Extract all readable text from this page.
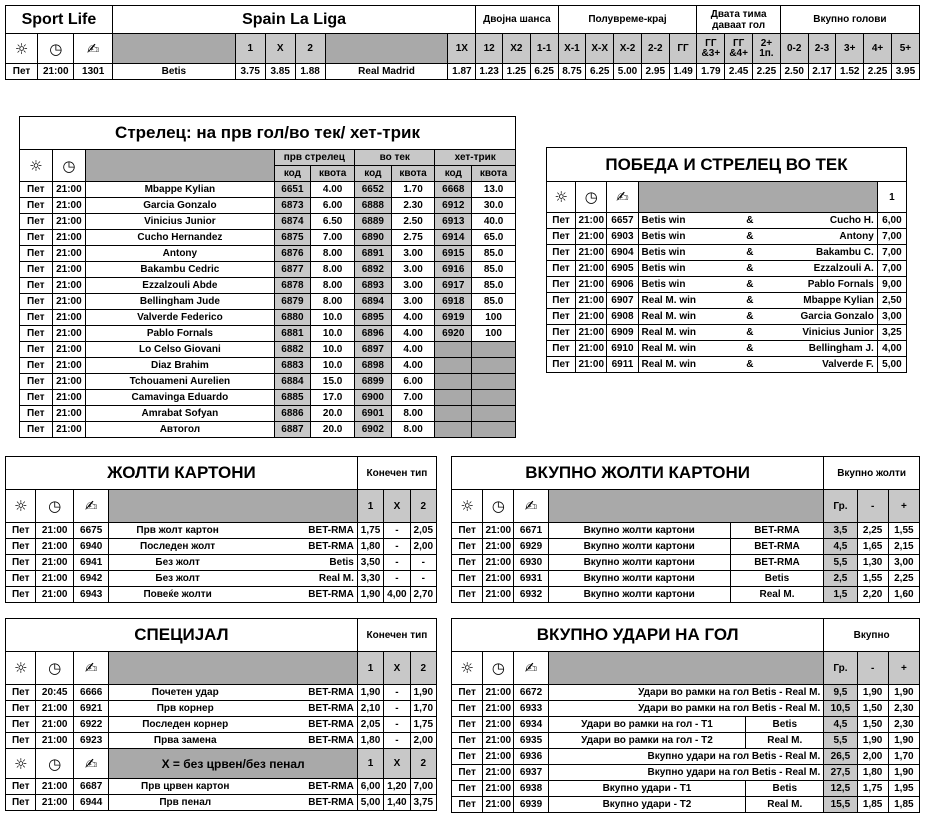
Sport Life			Spain La Liga						Двојна шанса			Полувреме-крај					Двата тима даваат гол			Вкупно голови				
☼	◷	✍		1	X	2		1X	12	X2	1-1	X-1	X-X	X-2	2-2	ГГ	ГГ &3+	ГГ &4+	2+ 1п.	0-2	2-3	3+	4+	5+
Пет	21:00	1301	Betis	3.75	3.85	1.88	Real Madrid	1.87	1.23	1.25	6.25	8.75	6.25	5.00	2.95	1.49	1.79	2.45	2.25	2.50	2.17	1.52	2.25	3.95
Стрелец: на прв гол/во тек/ хет-трик								
☼	◷		прв стрелец		во тек		хет-трик	
			код	квота	код	квота	код	квота
Пет	21:00	Mbappe Kylian	6651	4.00	6652	1.70	6668	13.0
Пет	21:00	Garcia Gonzalo	6873	6.00	6888	2.30	6912	30.0
Пет	21:00	Vinicius Junior	6874	6.50	6889	2.50	6913	40.0
Пет	21:00	Cucho Hernandez	6875	7.00	6890	2.75	6914	65.0
Пет	21:00	Antony	6876	8.00	6891	3.00	6915	85.0
Пет	21:00	Bakambu Cedric	6877	8.00	6892	3.00	6916	85.0
Пет	21:00	Ezzalzouli Abde	6878	8.00	6893	3.00	6917	85.0
Пет	21:00	Bellingham Jude	6879	8.00	6894	3.00	6918	85.0
Пет	21:00	Valverde Federico	6880	10.0	6895	4.00	6919	100
Пет	21:00	Pablo Fornals	6881	10.0	6896	4.00	6920	100
Пет	21:00	Lo Celso Giovani	6882	10.0	6897	4.00		
Пет	21:00	Diaz Brahim	6883	10.0	6898	4.00		
Пет	21:00	Tchouameni Aurelien	6884	15.0	6899	6.00		
Пет	21:00	Camavinga Eduardo	6885	17.0	6900	7.00		
Пет	21:00	Amrabat Sofyan	6886	20.0	6901	8.00		
Пет	21:00	Автогол	6887	20.0	6902	8.00		
ПОБЕДА И СТРЕЛЕЦ ВО ТЕК						
☼	◷	✍				1
Пет	21:00	6657	Betis win	&	Cucho H.	6,00
Пет	21:00	6903	Betis win	&	Antony	7,00
Пет	21:00	6904	Betis win	&	Bakambu C.	7,00
Пет	21:00	6905	Betis win	&	Ezzalzouli A.	7,00
Пет	21:00	6906	Betis win	&	Pablo Fornals	9,00
Пет	21:00	6907	Real M. win	&	Mbappe Kylian	2,50
Пет	21:00	6908	Real M. win	&	Garcia Gonzalo	3,00
Пет	21:00	6909	Real M. win	&	Vinicius Junior	3,25
Пет	21:00	6910	Real M. win	&	Bellingham J.	4,00
Пет	21:00	6911	Real M. win	&	Valverde F.	5,00
ЖОЛТИ КАРТОНИ					Конечен тип		
☼	◷	✍			1	X	2
Пет	21:00	6675	Прв жолт картон	BET-RMA	1,75	-	2,05
Пет	21:00	6940	Последен жолт	BET-RMA	1,80	-	2,00
Пет	21:00	6941	Без жолт	Betis	3,50	-	-
Пет	21:00	6942	Без жолт	Real M.	3,30	-	-
Пет	21:00	6943	Повеќе жолти	BET-RMA	1,90	4,00	2,70
ВКУПНО ЖОЛТИ КАРТОНИ					Вкупно жолти		
☼	◷	✍			Гр.	-	+
Пет	21:00	6671	Вкупно жолти картони	BET-RMA	3,5	2,25	1,55
Пет	21:00	6929	Вкупно жолти картони	BET-RMA	4,5	1,65	2,15
Пет	21:00	6930	Вкупно жолти картони	BET-RMA	5,5	1,30	3,00
Пет	21:00	6931	Вкупно жолти картони	Betis	2,5	1,55	2,25
Пет	21:00	6932	Вкупно жолти картони	Real M.	1,5	2,20	1,60
СПЕЦИЈАЛ					Конечен тип		
☼	◷	✍			1	X	2
Пет	20:45	6666	Почетен удар	BET-RMA	1,90	-	1,90
Пет	21:00	6921	Прв корнер	BET-RMA	2,10	-	1,70
Пет	21:00	6922	Последен корнер	BET-RMA	2,05	-	1,75
Пет	21:00	6923	Прва замена	BET-RMA	1,80	-	2,00
☼	◷	✍	X = без црвен/без пенал		1	X	2
Пет	21:00	6687	Прв црвен картон	BET-RMA	6,00	1,20	7,00
Пет	21:00	6944	Прв пенал	BET-RMA	5,00	1,40	3,75
ВКУПНО УДАРИ НА ГОЛ					Вкупно		
☼	◷	✍			Гр.	-	+
Пет	21:00	6672	Удари во рамки на гол Betis - Real M.		9,5	1,90	1,90
Пет	21:00	6933	Удари во рамки на гол Betis - Real M.		10,5	1,50	2,30
Пет	21:00	6934	Удари во рамки на гол - Т1	Betis	4,5	1,50	2,30
Пет	21:00	6935	Удари во рамки на гол - Т2	Real M.	5,5	1,90	1,90
Пет	21:00	6936	Вкупно удари на гол Betis - Real M.		26,5	2,00	1,70
Пет	21:00	6937	Вкупно удари на гол Betis - Real M.		27,5	1,80	1,90
Пет	21:00	6938	Вкупно удари - Т1	Betis	12,5	1,75	1,95
Пет	21:00	6939	Вкупно удари - Т2	Real M.	15,5	1,85	1,85
